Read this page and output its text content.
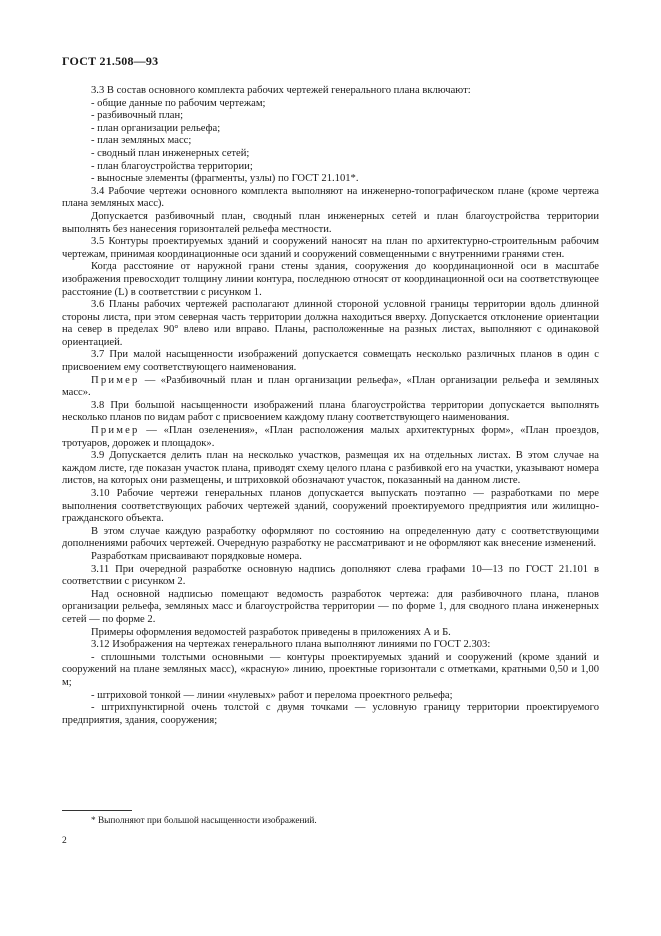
ГОСТ 21.508—93

3.3 В состав основного комплекта рабочих чертежей генерального плана включают:

- общие данные по рабочим чертежам;

- разбивочный план;

- план организации рельефа;

- план земляных масс;

- сводный план инженерных сетей;

- план благоустройства территории;

- выносные элементы (фрагменты, узлы) по ГОСТ 21.101*.

3.4 Рабочие чертежи основного комплекта выполняют на инженерно-топографическом плане (кроме чертежа плана земляных масс).

Допускается разбивочный план, сводный план инженерных сетей и план благоустройства территории выполнять без нанесения горизонталей рельефа местности.

3.5 Контуры проектируемых зданий и сооружений наносят на план по архитектурно-строительным рабочим чертежам, принимая координационные оси зданий и сооружений совмещенными с внутренними гранями стен.

Когда расстояние от наружной грани стены здания, сооружения до координационной оси в масштабе изображения превосходит толщину линии контура, последнюю относят от координационной оси на соответствующее расстояние (L) в соответствии с рисунком 1.

3.6 Планы рабочих чертежей располагают длинной стороной условной границы территории вдоль длинной стороны листа, при этом северная часть территории должна находиться вверху. Допускается отклонение ориентации на север в пределах 90° влево или вправо. Планы, расположенные на разных листах, выполняют с одинаковой ориентацией.

3.7 При малой насыщенности изображений допускается совмещать несколько различных планов в один с присвоением ему соответствующего наименования.

Пример — «Разбивочный план и план организации рельефа», «План организации рельефа и земляных масс».

3.8 При большой насыщенности изображений плана благоустройства территории допускается выполнять несколько планов по видам работ с присвоением каждому плану соответствующего наименования.

Пример — «План озеленения», «План расположения малых архитектурных форм», «План проездов, тротуаров, дорожек и площадок».

3.9 Допускается делить план на несколько участков, размещая их на отдельных листах. В этом случае на каждом листе, где показан участок плана, приводят схему целого плана с разбивкой его на участки, указывают номера листов, на которых они размещены, и штриховкой обозначают участок, показанный на данном листе.

3.10 Рабочие чертежи генеральных планов допускается выпускать поэтапно — разработками по мере выполнения соответствующих рабочих чертежей зданий, сооружений проектируемого предприятия или жилищно-гражданского объекта.

В этом случае каждую разработку оформляют по состоянию на определенную дату с соответствующими дополнениями рабочих чертежей. Очередную разработку не рассматривают и не оформляют как внесение изменений.

Разработкам присваивают порядковые номера.

3.11 При очередной разработке основную надпись дополняют слева графами 10—13 по ГОСТ 21.101 в соответствии с рисунком 2.

Над основной надписью помещают ведомость разработок чертежа: для разбивочного плана, планов организации рельефа, земляных масс и благоустройства территории — по форме 1, для сводного плана инженерных сетей — по форме 2.

Примеры оформления ведомостей разработок приведены в приложениях А и Б.

3.12 Изображения на чертежах генерального плана выполняют линиями по ГОСТ 2.303:

- сплошными толстыми основными — контуры проектируемых зданий и сооружений (кроме зданий и сооружений на плане земляных масс), «красную» линию, проектные горизонтали с отметками, кратными 0,50 и 1,00 м;

- штриховой тонкой — линии «нулевых» работ и перелома проектного рельефа;

- штрихпунктирной очень толстой с двумя точками — условную границу территории проектируемого предприятия, здания, сооружения;

* Выполняют при большой насыщенности изображений.
2
